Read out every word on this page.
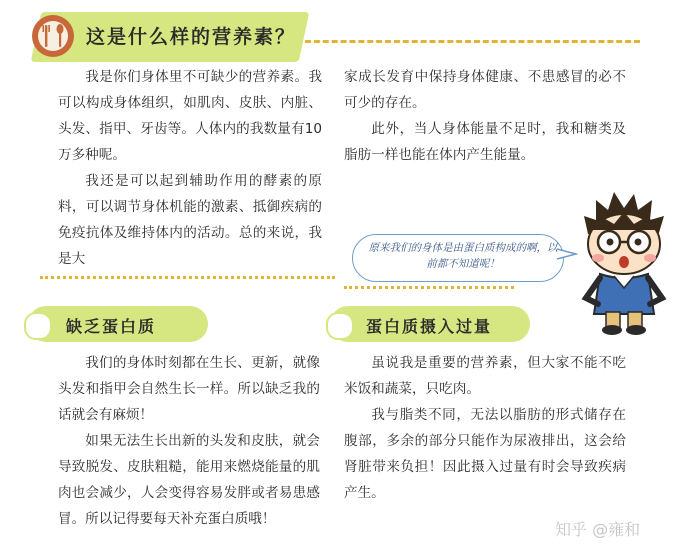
这是什么样的营养素？

我是你们身体里不可缺少的营养素。我可以构成身体组织，如肌肉、皮肤、内脏、头发、指甲、牙齿等。人体内的我数量有10万多种呢。

我还是可以起到辅助作用的酵素的原料，可以调节身体机能的激素、抵御疾病的免疫抗体及维持体内的活动。总的来说，我是大

家成长发育中保持身体健康、不患感冒的必不可少的存在。

此外，当人身体能量不足时，我和糖类及脂肪一样也能在体内产生能量。

原来我们的身体是由蛋白质构成的啊，以前都不知道呢！
缺乏蛋白质

我们的身体时刻都在生长、更新，就像头发和指甲会自然生长一样。所以缺乏我的话就会有麻烦！

如果无法生长出新的头发和皮肤，就会导致脱发、皮肤粗糙，能用来燃烧能量的肌肉也会减少，人会变得容易发胖或者易患感冒。所以记得要每天补充蛋白质哦！

蛋白质摄入过量

虽说我是重要的营养素，但大家不能不吃米饭和蔬菜，只吃肉。

我与脂类不同，无法以脂肪的形式储存在腹部，多余的部分只能作为尿液排出，这会给肾脏带来负担！因此摄入过量有时会导致疾病产生。

知乎 @雍和
